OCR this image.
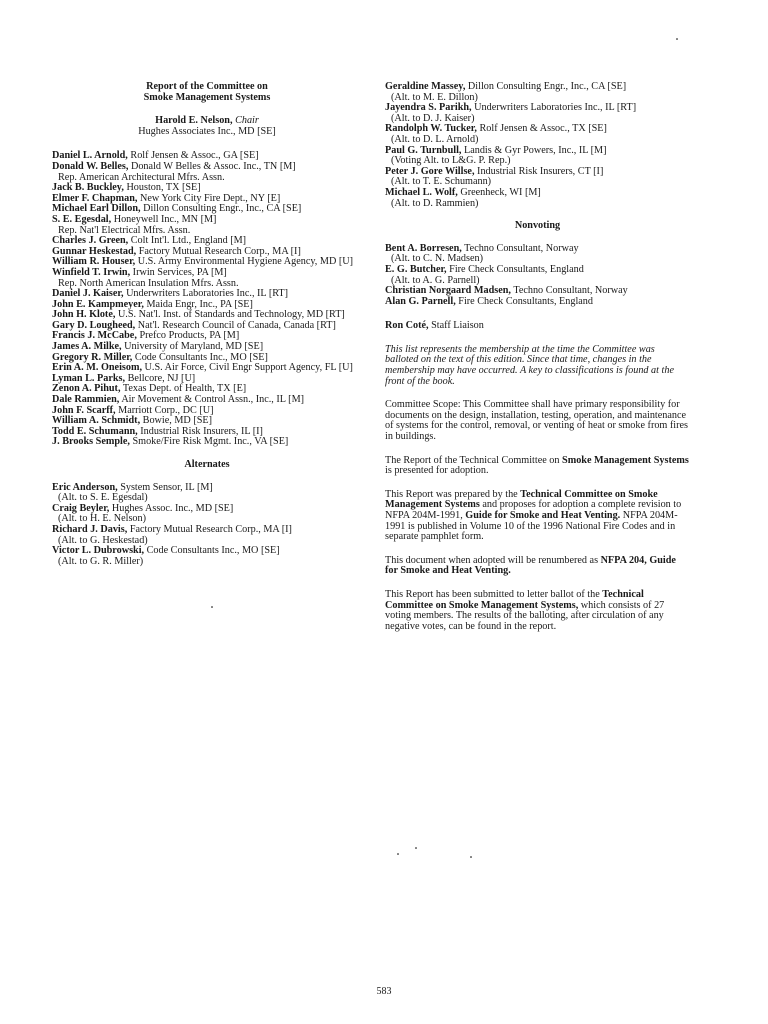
Report of the Committee on
Smoke Management Systems
Harold E. Nelson, Chair
Hughes Associates Inc., MD [SE]
Daniel L. Arnold, Rolf Jensen & Assoc., GA [SE]
Donald W. Belles, Donald W Belles & Assoc. Inc., TN [M]
Rep. American Architectural Mfrs. Assn.
Jack B. Buckley, Houston, TX [SE]
Elmer F. Chapman, New York City Fire Dept., NY [E]
Michael Earl Dillon, Dillon Consulting Engr., Inc., CA [SE]
S. E. Egesdal, Honeywell Inc., MN [M]
Rep. Nat'l Electrical Mfrs. Assn.
Charles J. Green, Colt Int'l. Ltd., England [M]
Gunnar Heskestad, Factory Mutual Research Corp., MA [I]
William R. Houser, U.S. Army Environmental Hygiene Agency, MD [U]
Winfield T. Irwin, Irwin Services, PA [M]
Rep. North American Insulation Mfrs. Assn.
Daniel J. Kaiser, Underwriters Laboratories Inc., IL [RT]
John E. Kampmeyer, Maida Engr, Inc., PA [SE]
John H. Klote, U.S. Nat'l. Inst. of Standards and Technology, MD [RT]
Gary D. Lougheed, Nat'l. Research Council of Canada, Canada [RT]
Francis J. McCabe, Prefco Products, PA [M]
James A. Milke, University of Maryland, MD [SE]
Gregory R. Miller, Code Consultants Inc., MO [SE]
Erin A. M. Oneisom, U.S. Air Force, Civil Engr Support Agency, FL [U]
Lyman L. Parks, Bellcore, NJ [U]
Zenon A. Pihut, Texas Dept. of Health, TX [E]
Dale Rammien, Air Movement & Control Assn., Inc., IL [M]
John F. Scarff, Marriott Corp., DC [U]
William A. Schmidt, Bowie, MD [SE]
Todd E. Schumann, Industrial Risk Insurers, IL [I]
J. Brooks Semple, Smoke/Fire Risk Mgmt. Inc., VA [SE]
Alternates
Eric Anderson, System Sensor, IL [M]
(Alt. to S. E. Egesdal)
Craig Beyler, Hughes Assoc. Inc., MD [SE]
(Alt. to H. E. Nelson)
Richard J. Davis, Factory Mutual Research Corp., MA [I]
(Alt. to G. Heskestad)
Victor L. Dubrowski, Code Consultants Inc., MO [SE]
(Alt. to G. R. Miller)
Geraldine Massey, Dillon Consulting Engr., Inc., CA [SE]
(Alt. to M. E. Dillon)
Jayendra S. Parikh, Underwriters Laboratories Inc., IL [RT]
(Alt. to D. J. Kaiser)
Randolph W. Tucker, Rolf Jensen & Assoc., TX [SE]
(Alt. to D. L. Arnold)
Paul G. Turnbull, Landis & Gyr Powers, Inc., IL [M]
(Voting Alt. to L&G. P. Rep.)
Peter J. Gore Willse, Industrial Risk Insurers, CT [I]
(Alt. to T. E. Schumann)
Michael L. Wolf, Greenheck, WI [M]
(Alt. to D. Rammien)
Nonvoting
Bent A. Borresen, Techno Consultant, Norway
(Alt. to C. N. Madsen)
E. G. Butcher, Fire Check Consultants, England
(Alt. to A. G. Parnell)
Christian Norgaard Madsen, Techno Consultant, Norway
Alan G. Parnell, Fire Check Consultants, England
Ron Coté, Staff Liaison
This list represents the membership at the time the Committee was balloted on the text of this edition. Since that time, changes in the membership may have occurred. A key to classifications is found at the front of the book.
Committee Scope: This Committee shall have primary responsibility for documents on the design, installation, testing, operation, and maintenance of systems for the control, removal, or venting of heat or smoke from fires in buildings.
The Report of the Technical Committee on Smoke Management Systems is presented for adoption.
This Report was prepared by the Technical Committee on Smoke Management Systems and proposes for adoption a complete revision to NFPA 204M-1991, Guide for Smoke and Heat Venting. NFPA 204M-1991 is published in Volume 10 of the 1996 National Fire Codes and in separate pamphlet form.
This document when adopted will be renumbered as NFPA 204, Guide for Smoke and Heat Venting.
This Report has been submitted to letter ballot of the Technical Committee on Smoke Management Systems, which consists of 27 voting members. The results of the balloting, after circulation of any negative votes, can be found in the report.
583
